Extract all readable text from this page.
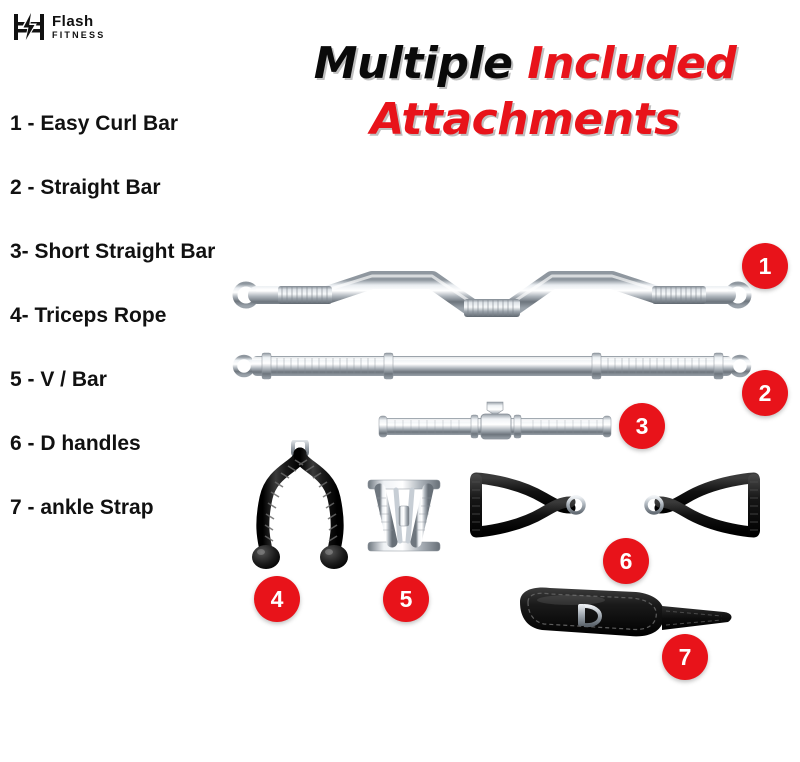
Flash
FITNESS
Multiple Included
Attachments
1 - Easy Curl Bar
2 - Straight Bar
3- Short Straight Bar
4- Triceps Rope
5 - V / Bar
6 - D handles
7 - ankle Strap
1
2
3
4	5
6
7
